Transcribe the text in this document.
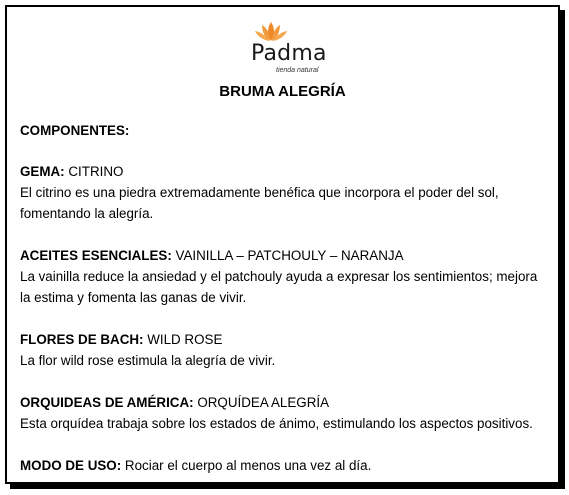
Padma
tienda natural
BRUMA ALEGRÍA

COMPONENTES:

GEMA: CITRINO

El citrino es una piedra extremadamente benéfica que incorpora el poder del sol, fomentando la alegría.

ACEITES ESENCIALES: VAINILLA – PATCHOULY – NARANJA

La vainilla reduce la ansiedad y el patchouly ayuda a expresar los sentimientos; mejora la estima y fomenta las ganas de vivir.

FLORES DE BACH: WILD ROSE

La flor wild rose estimula la alegría de vivir.

ORQUIDEAS DE AMÉRICA: ORQUÍDEA ALEGRÍA

Esta orquídea trabaja sobre los estados de ánimo, estimulando los aspectos positivos.

MODO DE USO: Rociar el cuerpo al menos una vez al día.
